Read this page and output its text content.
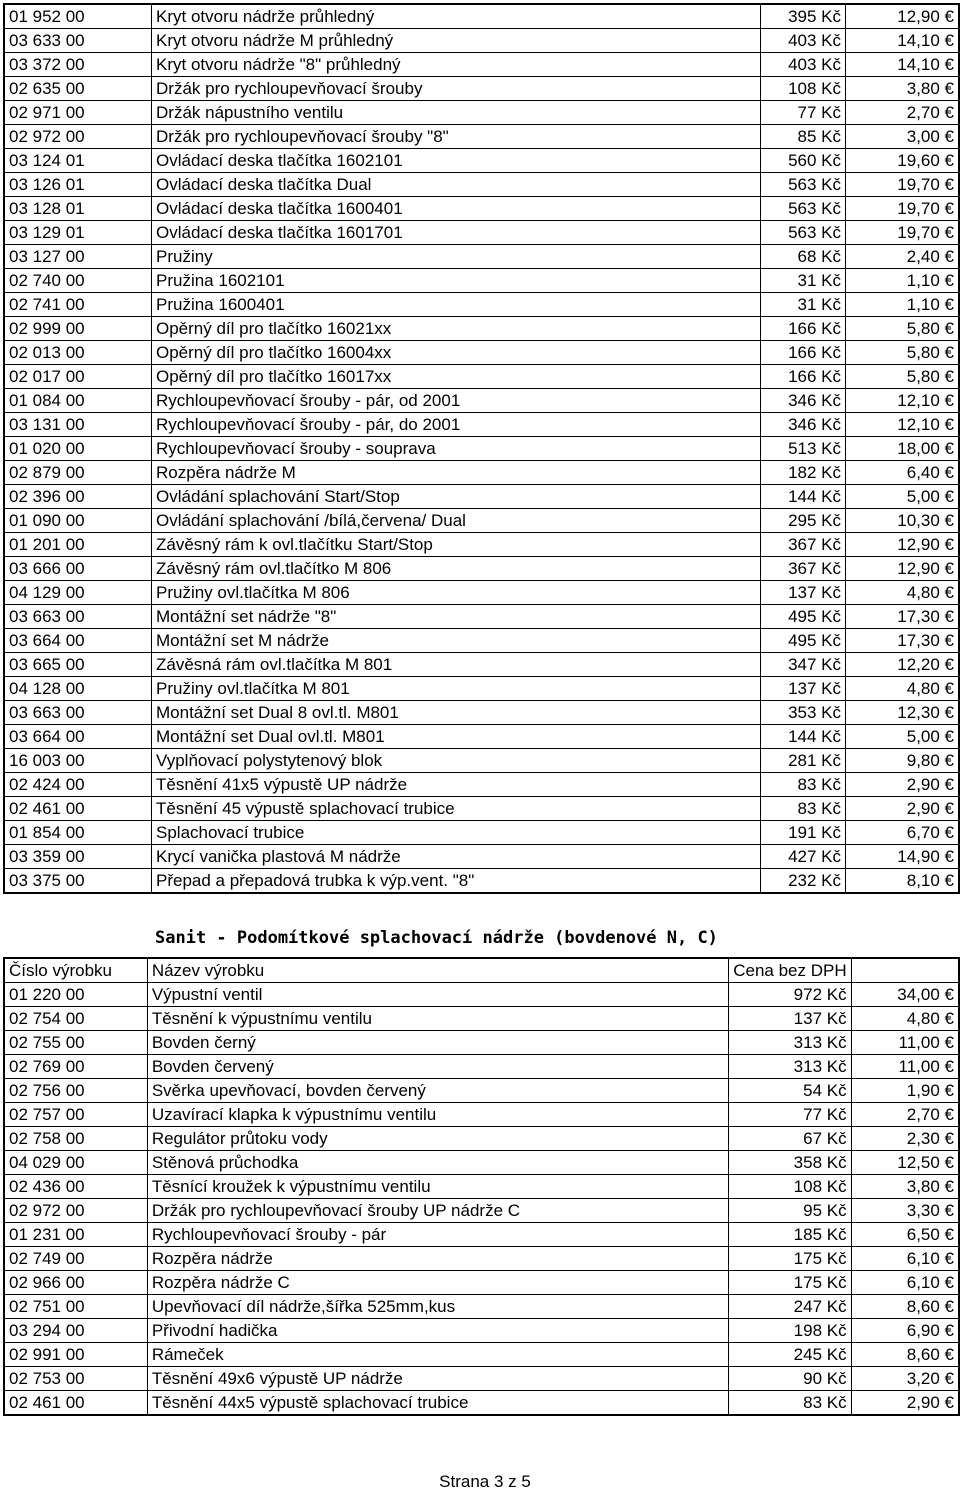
01 952 00	Kryt otvoru nádrže průhledný	395 Kč	12,90 €
03 633 00	Kryt otvoru nádrže M průhledný	403 Kč	14,10 €
03 372 00	Kryt otvoru nádrže "8" průhledný	403 Kč	14,10 €
02 635 00	Držák pro rychloupevňovací šrouby	108 Kč	3,80 €
02 971 00	Držák nápustního ventilu	77 Kč	2,70 €
02 972 00	Držák pro rychloupevňovací šrouby "8"	85 Kč	3,00 €
03 124 01	Ovládací deska tlačítka 1602101	560 Kč	19,60 €
03 126 01	Ovládací deska tlačítka Dual	563 Kč	19,70 €
03 128 01	Ovládací deska tlačítka 1600401	563 Kč	19,70 €
03 129 01	Ovládací deska tlačítka 1601701	563 Kč	19,70 €
03 127 00	Pružiny	68 Kč	2,40 €
02 740 00	Pružina 1602101	31 Kč	1,10 €
02 741 00	Pružina 1600401	31 Kč	1,10 €
02 999 00	Opěrný díl pro tlačítko 16021xx	166 Kč	5,80 €
02 013 00	Opěrný díl pro tlačítko 16004xx	166 Kč	5,80 €
02 017 00	Opěrný díl pro tlačítko 16017xx	166 Kč	5,80 €
01 084 00	Rychloupevňovací šrouby - pár, od 2001	346 Kč	12,10 €
03 131 00	Rychloupevňovací šrouby - pár, do 2001	346 Kč	12,10 €
01 020 00	Rychloupevňovací šrouby - souprava	513 Kč	18,00 €
02 879 00	Rozpěra nádrže M	182 Kč	6,40 €
02 396 00	Ovládání splachování Start/Stop	144 Kč	5,00 €
01 090 00	Ovládání splachování /bílá,červena/ Dual	295 Kč	10,30 €
01 201 00	Závěsný rám k ovl.tlačítku Start/Stop	367 Kč	12,90 €
03 666 00	Závěsný rám ovl.tlačítko M 806	367 Kč	12,90 €
04 129 00	Pružiny ovl.tlačítka M 806	137 Kč	4,80 €
03 663 00	Montážní set nádrže "8"	495 Kč	17,30 €
03 664 00	Montážní set M nádrže	495 Kč	17,30 €
03 665 00	Závěsná rám ovl.tlačítka M 801	347 Kč	12,20 €
04 128 00	Pružiny ovl.tlačítka M 801	137 Kč	4,80 €
03 663 00	Montážní set Dual 8 ovl.tl. M801	353 Kč	12,30 €
03 664 00	Montážní set Dual ovl.tl. M801	144 Kč	5,00 €
16 003 00	Vyplňovací polystytenový blok	281 Kč	9,80 €
02 424 00	Těsnění 41x5 výpustě UP nádrže	83 Kč	2,90 €
02 461 00	Těsnění 45 výpustě splachovací trubice	83 Kč	2,90 €
01 854 00	Splachovací trubice	191 Kč	6,70 €
03 359 00	Krycí vanička plastová M nádrže	427 Kč	14,90 €
03 375 00	Přepad a přepadová trubka k výp.vent. "8"	232 Kč	8,10 €
Sanit - Podomítkové splachovací nádrže (bovdenové N, C)
Číslo výrobku	Název výrobku	Cena bez DPH	
01 220 00	Výpustní ventil	972 Kč	34,00 €
02 754 00	Těsnění k výpustnímu ventilu	137 Kč	4,80 €
02 755 00	Bovden černý	313 Kč	11,00 €
02 769 00	Bovden červený	313 Kč	11,00 €
02 756 00	Svěrka upevňovací, bovden červený	54 Kč	1,90 €
02 757 00	Uzavírací klapka k výpustnímu ventilu	77 Kč	2,70 €
02 758 00	Regulátor průtoku vody	67 Kč	2,30 €
04 029 00	Stěnová průchodka	358 Kč	12,50 €
02 436 00	Těsnící kroužek k výpustnímu ventilu	108 Kč	3,80 €
02 972 00	Držák pro rychloupevňovací šrouby UP nádrže C	95 Kč	3,30 €
01 231 00	Rychloupevňovací šrouby - pár	185 Kč	6,50 €
02 749 00	Rozpěra nádrže	175 Kč	6,10 €
02 966 00	Rozpěra nádrže C	175 Kč	6,10 €
02 751 00	Upevňovací díl nádrže,šířka 525mm,kus	247 Kč	8,60 €
03 294 00	Přivodní hadička	198 Kč	6,90 €
02 991 00	Rámeček	245 Kč	8,60 €
02 753 00	Těsnění 49x6 výpustě UP nádrže	90 Kč	3,20 €
02 461 00	Těsnění 44x5 výpustě splachovací trubice	83 Kč	2,90 €
Strana 3 z 5
